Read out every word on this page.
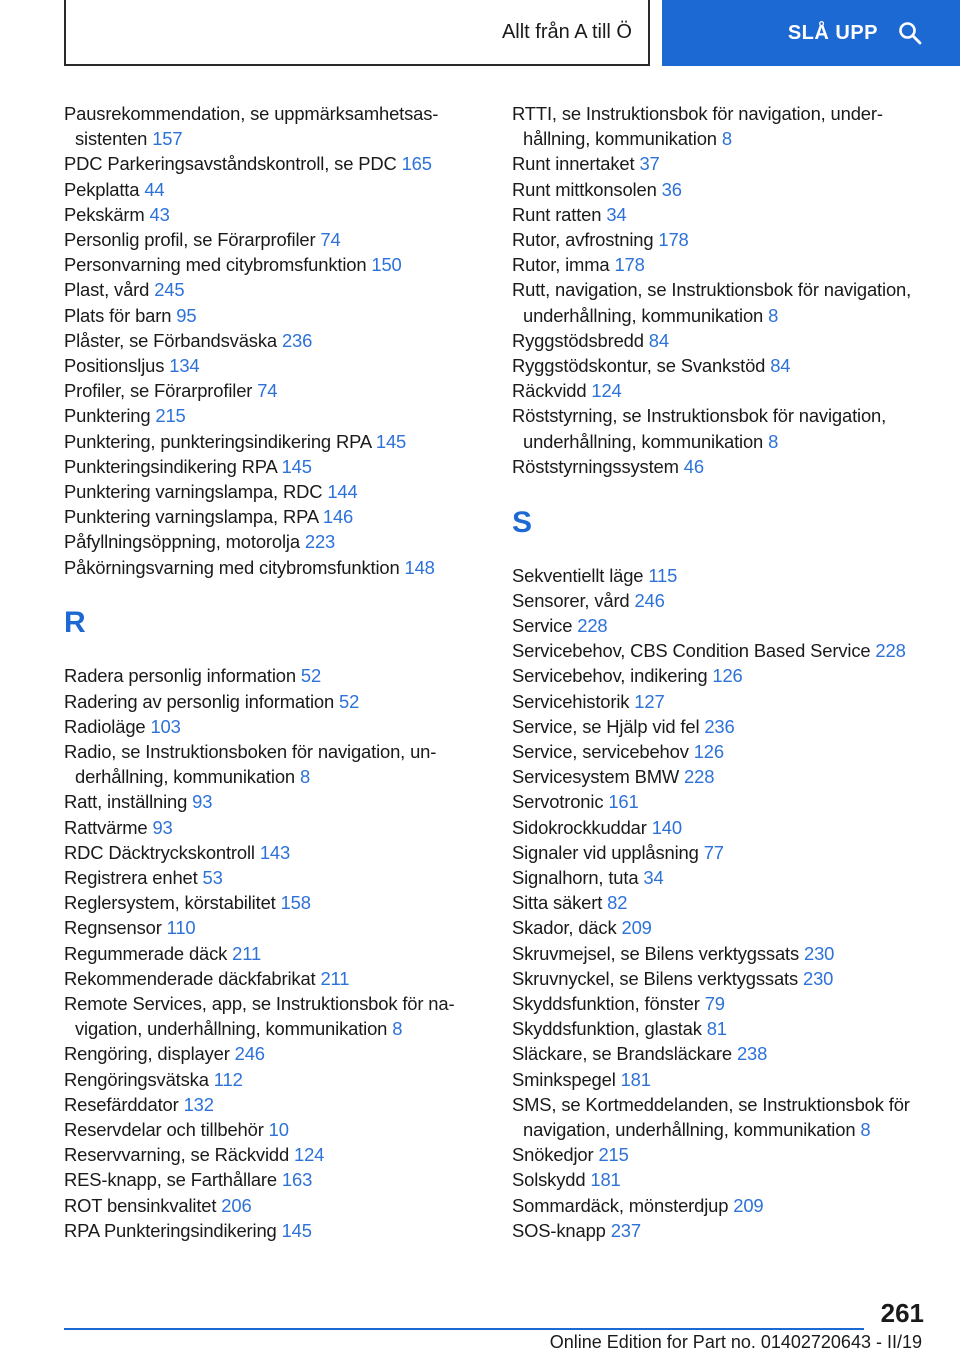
Allt från A till Ö	SLÅ UPP
Pausrekommendation, se uppmärksamhetsassistenten 157
PDC Parkeringsavståndskontroll, se PDC 165
Pekplatta 44
Pekskärm 43
Personlig profil, se Förarprofiler 74
Personvarning med citybromsfunktion 150
Plast, vård 245
Plats för barn 95
Plåster, se Förbandsväska 236
Positionsljus 134
Profiler, se Förarprofiler 74
Punktering 215
Punktering, punkteringsindikering RPA 145
Punkteringsindikering RPA 145
Punktering varningslampa, RDC 144
Punktering varningslampa, RPA 146
Påfyllningsöppning, motorolja 223
Påkörningsvarning med citybromsfunktion 148
R
Radera personlig information 52
Radering av personlig information 52
Radioläge 103
Radio, se Instruktionsboken för navigation, underhållning, kommunikation 8
Ratt, inställning 93
Rattvärme 93
RDC Däcktryckskontroll 143
Registrera enhet 53
Reglersystem, körstabilitet 158
Regnsensor 110
Regummerade däck 211
Rekommenderade däckfabrikat 211
Remote Services, app, se Instruktionsbok för navigation, underhållning, kommunikation 8
Rengöring, displayer 246
Rengöringsvätska 112
Resefärddator 132
Reservdelar och tillbehör 10
Reservvarning, se Räckvidd 124
RES-knapp, se Farthållare 163
ROT bensinkvalitet 206
RPA Punkteringsindikering 145
RTTI, se Instruktionsbok för navigation, underhållning, kommunikation 8
Runt innertaket 37
Runt mittkonsolen 36
Runt ratten 34
Rutor, avfrostning 178
Rutor, imma 178
Rutt, navigation, se Instruktionsbok för navigation, underhållning, kommunikation 8
Ryggstödsbredd 84
Ryggstödskontur, se Svankstöd 84
Räckvidd 124
Röststyrning, se Instruktionsbok för navigation, underhållning, kommunikation 8
Röststyrningssystem 46
S
Sekventiellt läge 115
Sensorer, vård 246
Service 228
Servicebehov, CBS Condition Based Service 228
Servicebehov, indikering 126
Servicehistorik 127
Service, se Hjälp vid fel 236
Service, servicebehov 126
Servicesystem BMW 228
Servotronic 161
Sidokrockkuddar 140
Signaler vid upplåsning 77
Signalhorn, tuta 34
Sitta säkert 82
Skador, däck 209
Skruvmejsel, se Bilens verktygssats 230
Skruvnyckel, se Bilens verktygssats 230
Skyddsfunktion, fönster 79
Skyddsfunktion, glastak 81
Släckare, se Brandsläckare 238
Sminkspegel 181
SMS, se Kortmeddelanden, se Instruktionsbok för navigation, underhållning, kommunikation 8
Snökedjor 215
Solskydd 181
Sommardäck, mönsterdjup 209
SOS-knapp 237
261
Online Edition for Part no. 01402720643 - II/19
